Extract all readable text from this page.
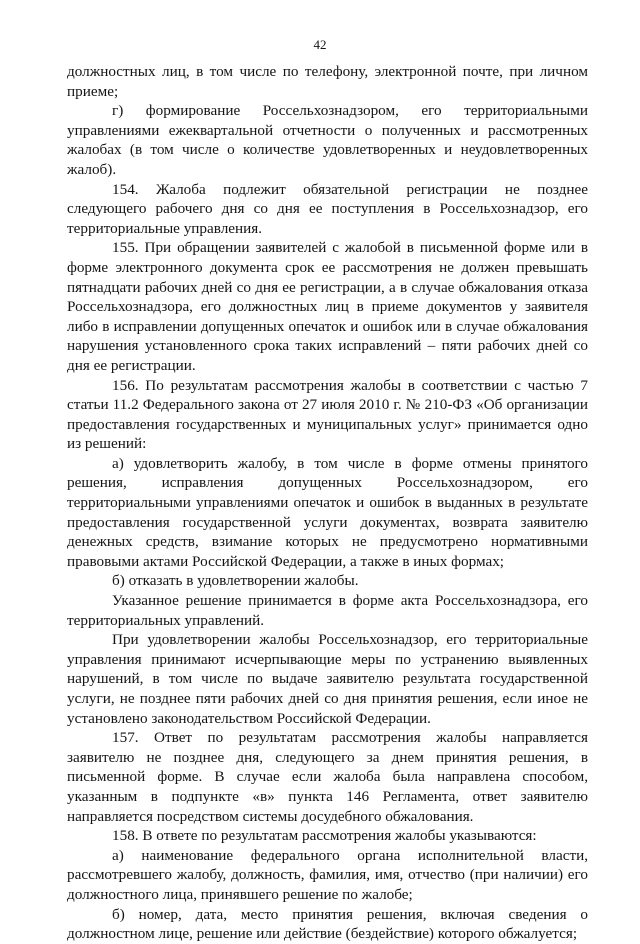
42

должностных лиц, в том числе по телефону, электронной почте, при личном приеме;

г) формирование Россельхознадзором, его территориальными управлениями ежеквартальной отчетности о полученных и рассмотренных жалобах (в том числе о количестве удовлетворенных и неудовлетворенных жалоб).

154. Жалоба подлежит обязательной регистрации не позднее следующего рабочего дня со дня ее поступления в Россельхознадзор, его территориальные управления.

155. При обращении заявителей с жалобой в письменной форме или в форме электронного документа срок ее рассмотрения не должен превышать пятнадцати рабочих дней со дня ее регистрации, а в случае обжалования отказа Россельхознадзора, его должностных лиц в приеме документов у заявителя либо в исправлении допущенных опечаток и ошибок или в случае обжалования нарушения установленного срока таких исправлений – пяти рабочих дней со дня ее регистрации.

156. По результатам рассмотрения жалобы в соответствии с частью 7 статьи 11.2 Федерального закона от 27 июля 2010 г. № 210-ФЗ «Об организации предоставления государственных и муниципальных услуг» принимается одно из решений:

а) удовлетворить жалобу, в том числе в форме отмены принятого решения, исправления допущенных Россельхознадзором, его территориальными управлениями опечаток и ошибок в выданных в результате предоставления государственной услуги документах, возврата заявителю денежных средств, взимание которых не предусмотрено нормативными правовыми актами Российской Федерации, а также в иных формах;

б) отказать в удовлетворении жалобы.

Указанное решение принимается в форме акта Россельхознадзора, его территориальных управлений.

При удовлетворении жалобы Россельхознадзор, его территориальные управления принимают исчерпывающие меры по устранению выявленных нарушений, в том числе по выдаче заявителю результата государственной услуги, не позднее пяти рабочих дней со дня принятия решения, если иное не установлено законодательством Российской Федерации.

157. Ответ по результатам рассмотрения жалобы направляется заявителю не позднее дня, следующего за днем принятия решения, в письменной форме. В случае если жалоба была направлена способом, указанным в подпункте «в» пункта 146 Регламента, ответ заявителю направляется посредством системы досудебного обжалования.

158. В ответе по результатам рассмотрения жалобы указываются:

а) наименование федерального органа исполнительной власти, рассмотревшего жалобу, должность, фамилия, имя, отчество (при наличии) его должностного лица, принявшего решение по жалобе;

б) номер, дата, место принятия решения, включая сведения о должностном лице, решение или действие (бездействие) которого обжалуется;
